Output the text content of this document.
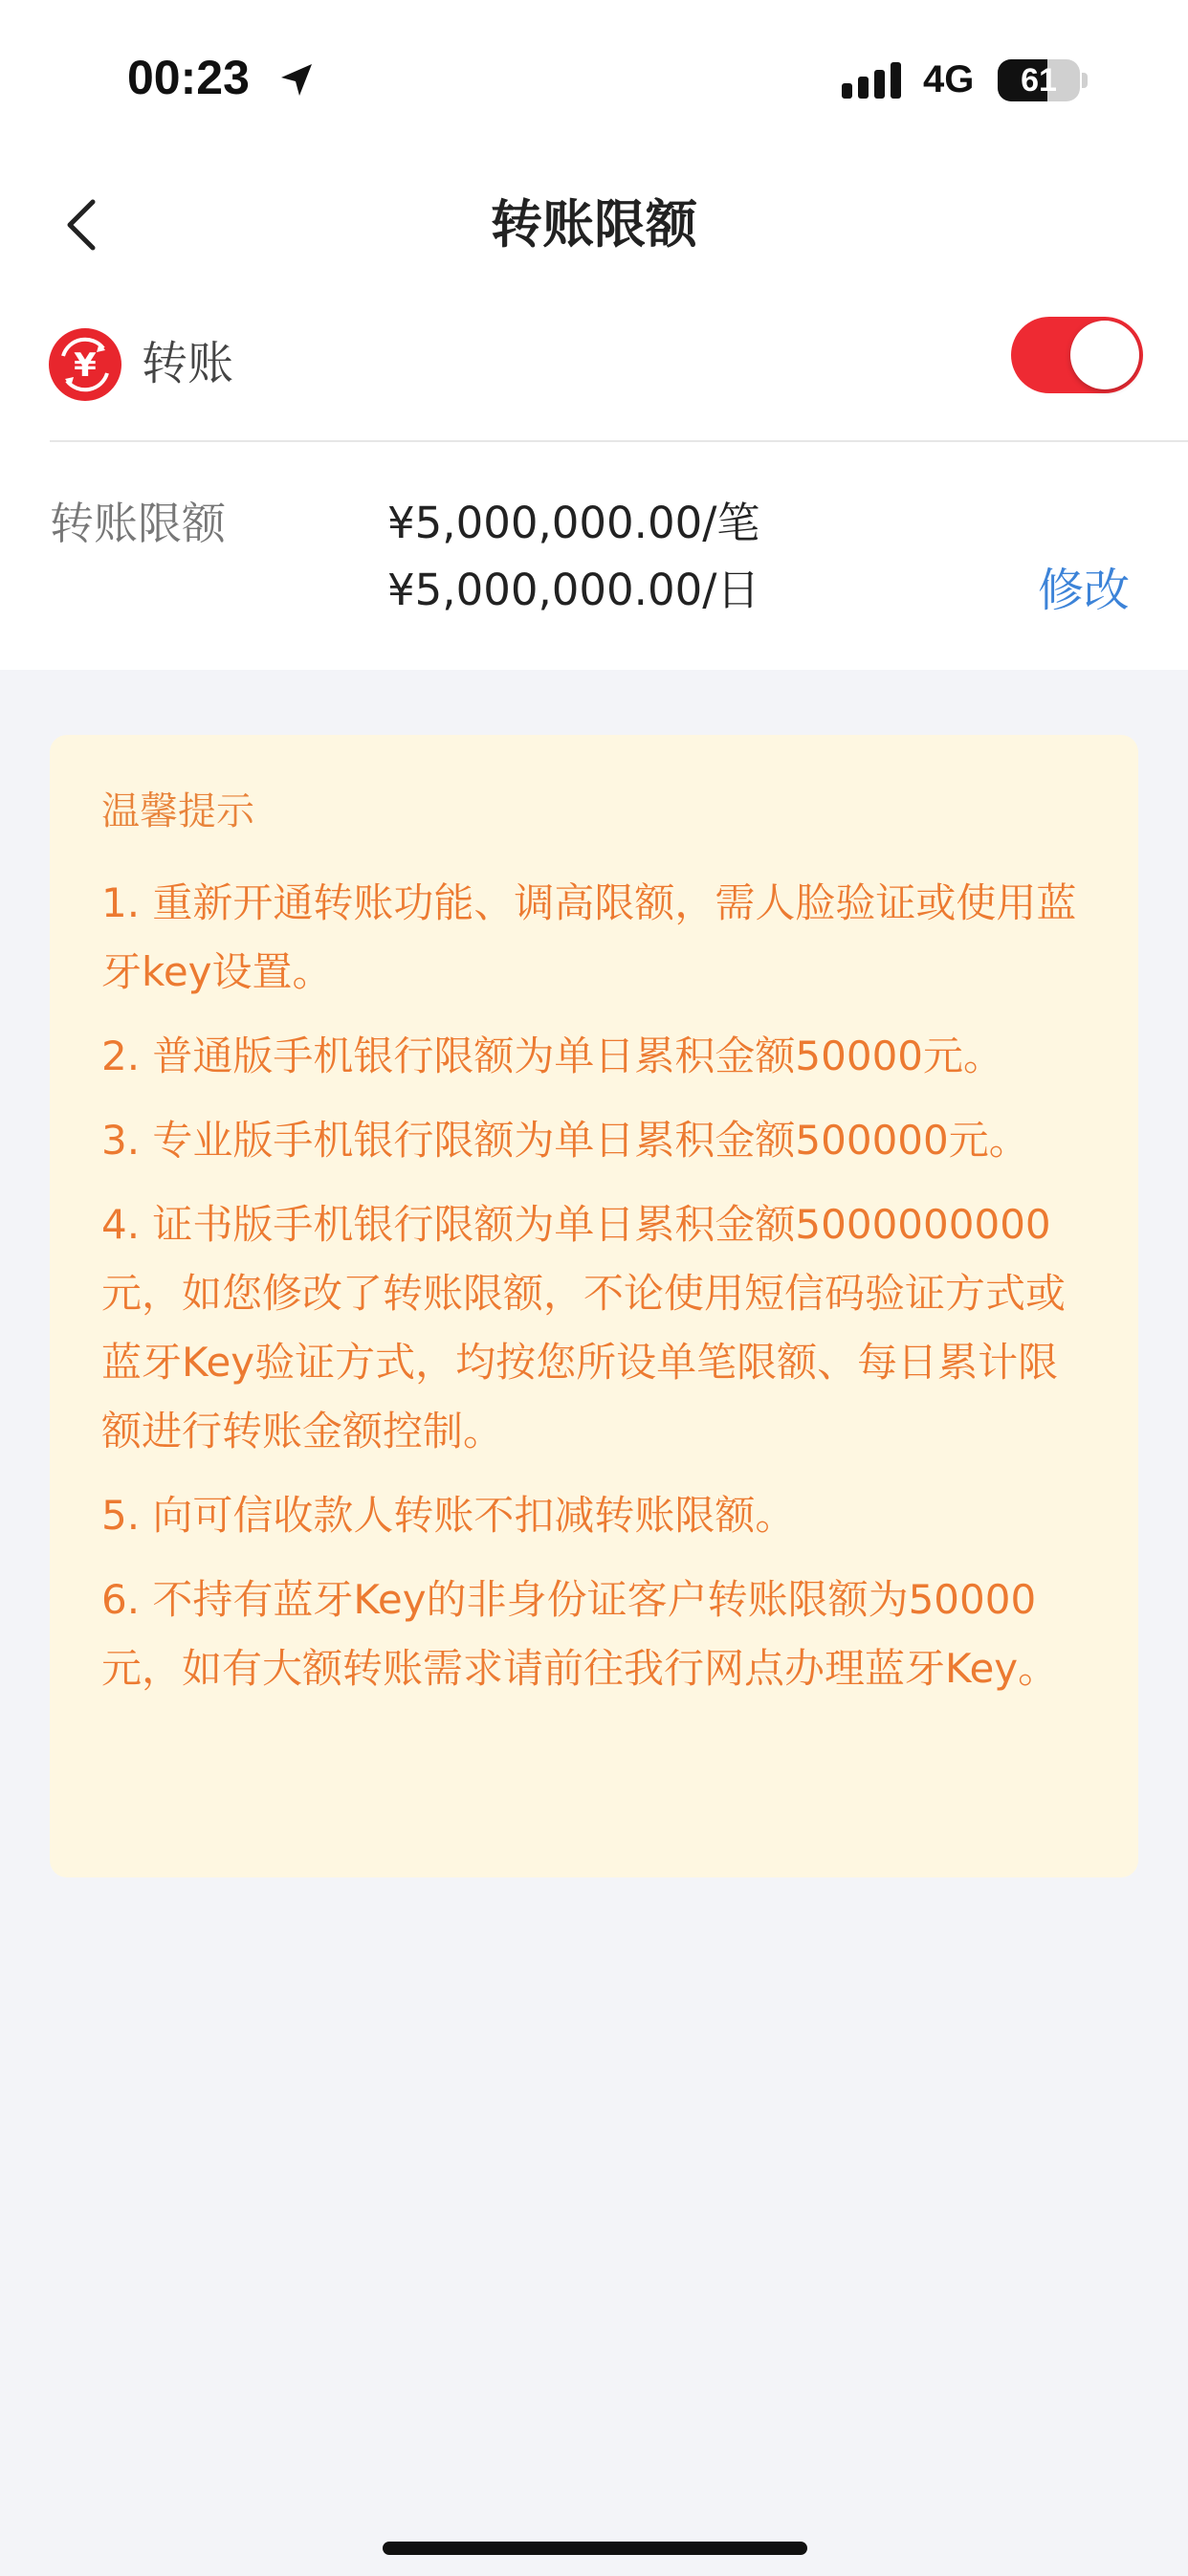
00:23	4G	61
转账限额
¥ 转账
转账限额	¥5,000,000.00/笔
¥5,000,000.00/日	修改
温馨提示
1. 重新开通转账功能、调高限额，需人脸验证或使用蓝牙key设置。
2. 普通版手机银行限额为单日累积金额50000元。
3. 专业版手机银行限额为单日累积金额500000元。
4. 证书版手机银行限额为单日累积金额5000000000元，如您修改了转账限额，不论使用短信码验证方式或蓝牙Key验证方式，均按您所设单笔限额、每日累计限额进行转账金额控制。
5. 向可信收款人转账不扣减转账限额。
6. 不持有蓝牙Key的非身份证客户转账限额为50000元，如有大额转账需求请前往我行网点办理蓝牙Key。
